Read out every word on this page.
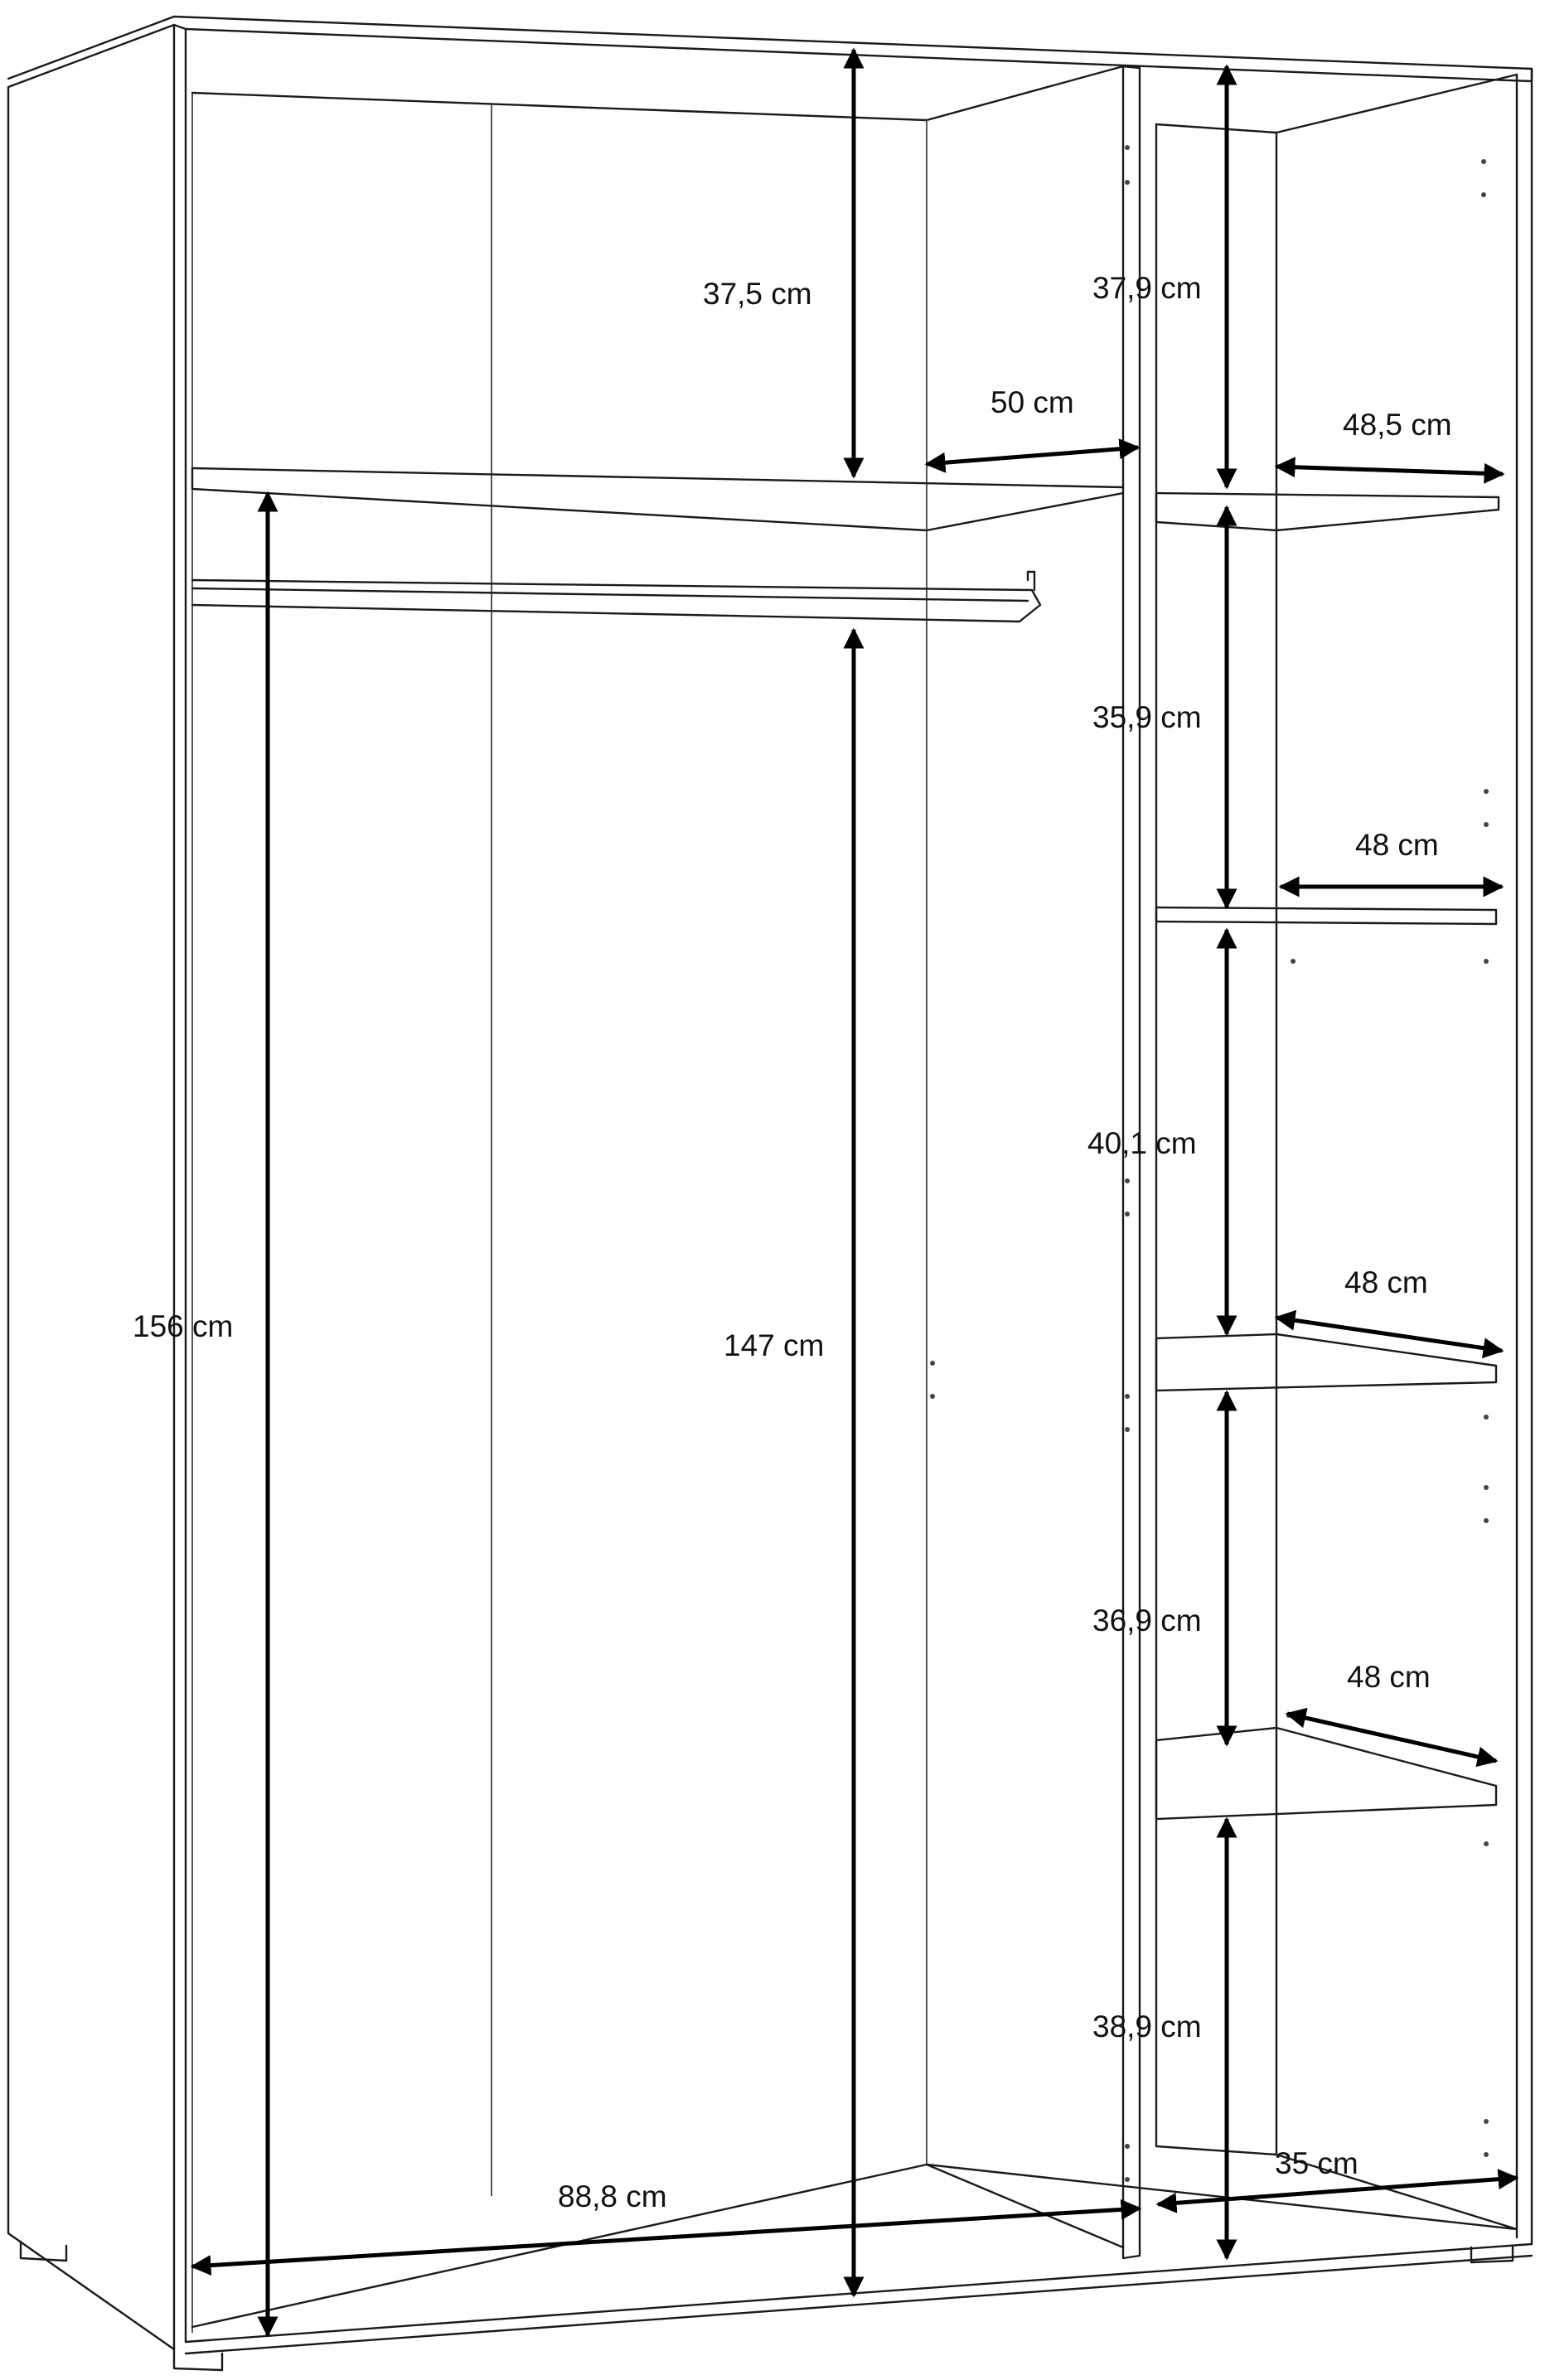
37,5 cm	37,9 cm
50 cm
48,5 cm
35,9 cm
48 cm
40,1 cm
48 cm
36,9 cm
48 cm
38,9 cm
156 cm
147 cm
88,8 cm
35 cm
